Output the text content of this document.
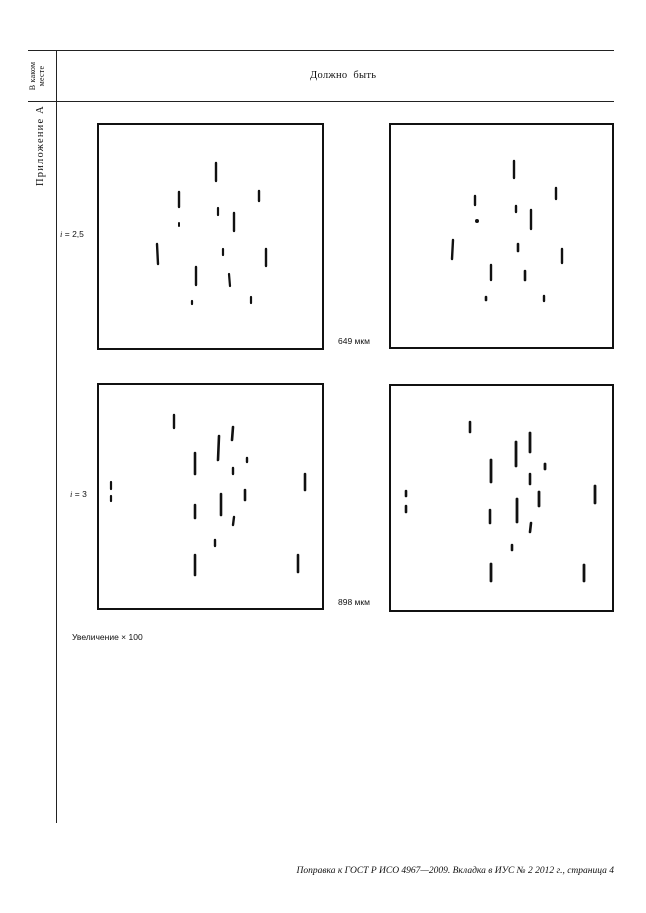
В каком месте	Должно быть
Приложение А
i = 2,5
649 мкм
i = 3
898 мкм
Увеличение × 100
Поправка к ГОСТ Р ИСО 4967—2009. Вкладка в ИУС № 2 2012 г., страница 4
